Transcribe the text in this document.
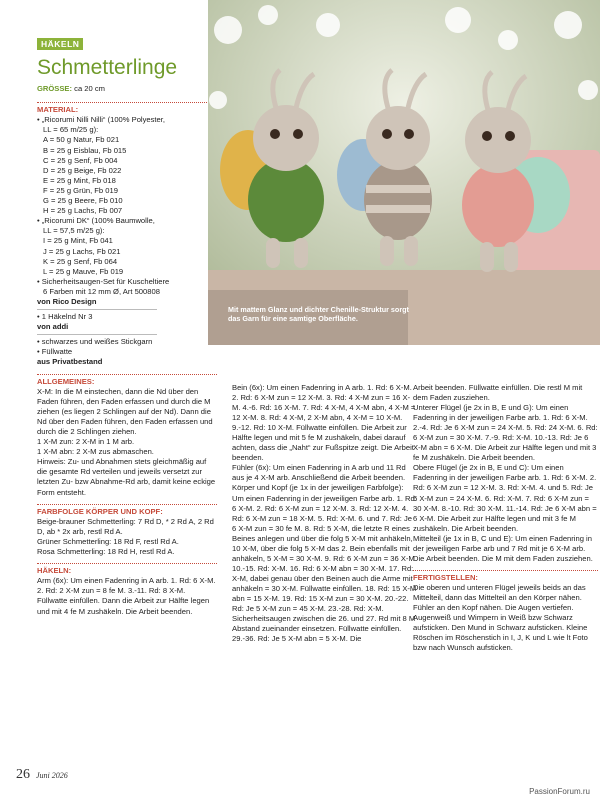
HÄKELN
Schmetterlinge
GRÖSSE: ca 20 cm
MATERIAL:
• „Ricorumi Nilli Nilli“ (100% Polyester,
LL = 65 m/25 g):
A = 50 g Natur, Fb 021
B = 25 g Eisblau, Fb 015
C = 25 g Senf, Fb 004
D = 25 g Beige, Fb 022
E = 25 g Mint, Fb 018
F = 25 g Grün, Fb 019
G = 25 g Beere, Fb 010
H = 25 g Lachs, Fb 007
• „Ricorumi DK“ (100% Baumwolle,
LL = 57,5 m/25 g):
I = 25 g Mint, Fb 041
J = 25 g Lachs, Fb 021
K = 25 g Senf, Fb 064
L = 25 g Mauve, Fb 019
• Sicherheitsaugen-Set für Kuscheltiere
6 Farben mit 12 mm Ø, Art 500808
von Rico Design
• 1 Häkelnd Nr 3
von addi
• schwarzes und weißes Stickgarn
• Füllwatte
aus Privatbestand
ALLGEMEINES:
X-M: In die M einstechen, dann die Nd über den Faden führen, den Faden erfassen und durch die M ziehen (es liegen 2 Schlingen auf der Nd). Dann die Nd über den Faden führen, den Faden erfassen und durch die 2 Schlingen ziehen.
1 X-M zun: 2 X-M in 1 M arb.
1 X-M abn: 2 X-M zus abmaschen.
Hinweis: Zu- und Abnahmen stets gleichmäßig auf die gesamte Rd verteilen und jeweils versetzt zur letzten Zu- bzw Abnahme-Rd arb, damit keine eckige Form entsteht.
FARBFOLGE KÖRPER UND KOPF:
Beige-brauner Schmetterling: 7 Rd D, * 2 Rd A, 2 Rd D, ab * 2x arb, restl Rd A.
Grüner Schmetterling: 18 Rd F, restl Rd A.
Rosa Schmetterling: 18 Rd H, restl Rd A.
HÄKELN:
Arm (6x): Um einen Fadenring in A arb. 1. Rd: 6 X-M. 2. Rd: 2 X-M zun = 8 fe M. 3.-11. Rd: 8 X-M. Füllwatte einfüllen. Dann die Arbeit zur Hälfte legen und mit 4 fe M zushäkeln. Die Arbeit beenden.
Mit mattem Glanz und dichter Chenille-Struktur sorgt das Garn für eine samtige Oberfläche.
Bein (6x): Um einen Fadenring in A arb. 1. Rd: 6 X-M. 2. Rd: 6 X-M zun = 12 X-M. 3. Rd: 4 X-M zun = 16 X-M. 4.-6. Rd: 16 X-M. 7. Rd: 4 X-M, 4 X-M abn, 4 X-M = 12 X-M. 8. Rd: 4 X-M, 2 X-M abn, 4 X-M = 10 X-M. 9.-12. Rd: 10 X-M. Füllwatte einfüllen. Die Arbeit zur Hälfte legen und mit 5 fe M zushäkeln, dabei darauf achten, dass die „Naht“ zur Fußspitze zeigt. Die Arbeit beenden.
Fühler (6x): Um einen Fadenring in A arb und 11 Rd aus je 4 X-M arb. Anschließend die Arbeit beenden.
Körper und Kopf (je 1x in der jeweiligen Farbfolge): Um einen Fadenring in der jeweiligen Farbe arb. 1. Rd: 6 X-M. 2. Rd: 6 X-M zun = 12 X-M. 3. Rd: 12 X-M. 4. Rd: 6 X-M zun = 18 X-M. 5. Rd: X-M. 6. und 7. Rd: Je 6 X-M zun = 30 fe M. 8. Rd: 5 X-M, die letzte R eines Beines anlegen und über die folg 5 X-M mit anhäkeln, 10 X-M, über die folg 5 X-M das 2. Bein ebenfalls mit anhäkeln, 5 X-M = 30 X-M. 9. Rd: 6 X-M zun = 36 X-M. 10.-15. Rd: X-M. 16. Rd: 6 X-M abn = 30 X-M. 17. Rd: X-M, dabei genau über den Beinen auch die Arme mit anhäkeln = 30 X-M. Füllwatte einfüllen. 18. Rd: 15 X-M abn = 15 X-M. 19. Rd: 15 X-M zun = 30 X-M. 20.-22. Rd: Je 5 X-M zun = 45 X-M. 23.-28. Rd: X-M. Sicherheitsaugen zwischen die 26. und 27. Rd mit 8 M Abstand zueinander einsetzen. Füllwatte einfüllen. 29.-36. Rd: Je 5 X-M abn = 5 X-M. Die
Arbeit beenden. Füllwatte einfüllen. Die restl M mit dem Faden zusziehen.
Unterer Flügel (je 2x in B, E und G): Um einen Fadenring in der jeweiligen Farbe arb. 1. Rd: 6 X-M. 2.-4. Rd: Je 6 X-M zun = 24 X-M. 5. Rd: 24 X-M. 6. Rd: 6 X-M zun = 30 X-M. 7.-9. Rd: X-M. 10.-13. Rd: Je 6 X-M abn = 6 X-M. Die Arbeit zur Hälfte legen und mit 3 fe M zushäkeln. Die Arbeit beenden.
Obere Flügel (je 2x in B, E und C): Um einen Fadenring in der jeweiligen Farbe arb. 1. Rd: 6 X-M. 2. Rd: 6 X-M zun = 12 X-M. 3. Rd: X-M. 4. und 5. Rd: Je 6 X-M zun = 24 X-M. 6. Rd: X-M. 7. Rd: 6 X-M zun = 30 X-M. 8.-10. Rd: 30 X-M. 11.-14. Rd: Je 6 X-M abn = 6 X-M. Die Arbeit zur Hälfte legen und mit 3 fe M zushäkeln. Die Arbeit beenden.
Mittelteil (je 1x in B, C und E): Um einen Fadenring in der jeweiligen Farbe arb und 7 Rd mit je 6 X-M arb. Die Arbeit beenden. Die M mit dem Faden zusziehen.
FERTIGSTELLEN:
Die oberen und unteren Flügel jeweils beids an das Mittelteil, dann das Mittelteil an den Körper nähen. Fühler an den Kopf nähen. Die Augen vertiefen. Augenweiß und Wimpern in Weiß bzw Schwarz aufsticken. Den Mund in Schwarz aufsticken. Kleine Röschen im Röschenstich in I, J, K und L wie lt Foto bzw nach Wunsch aufsticken.
26 Juni 2026
PassionForum.ru
